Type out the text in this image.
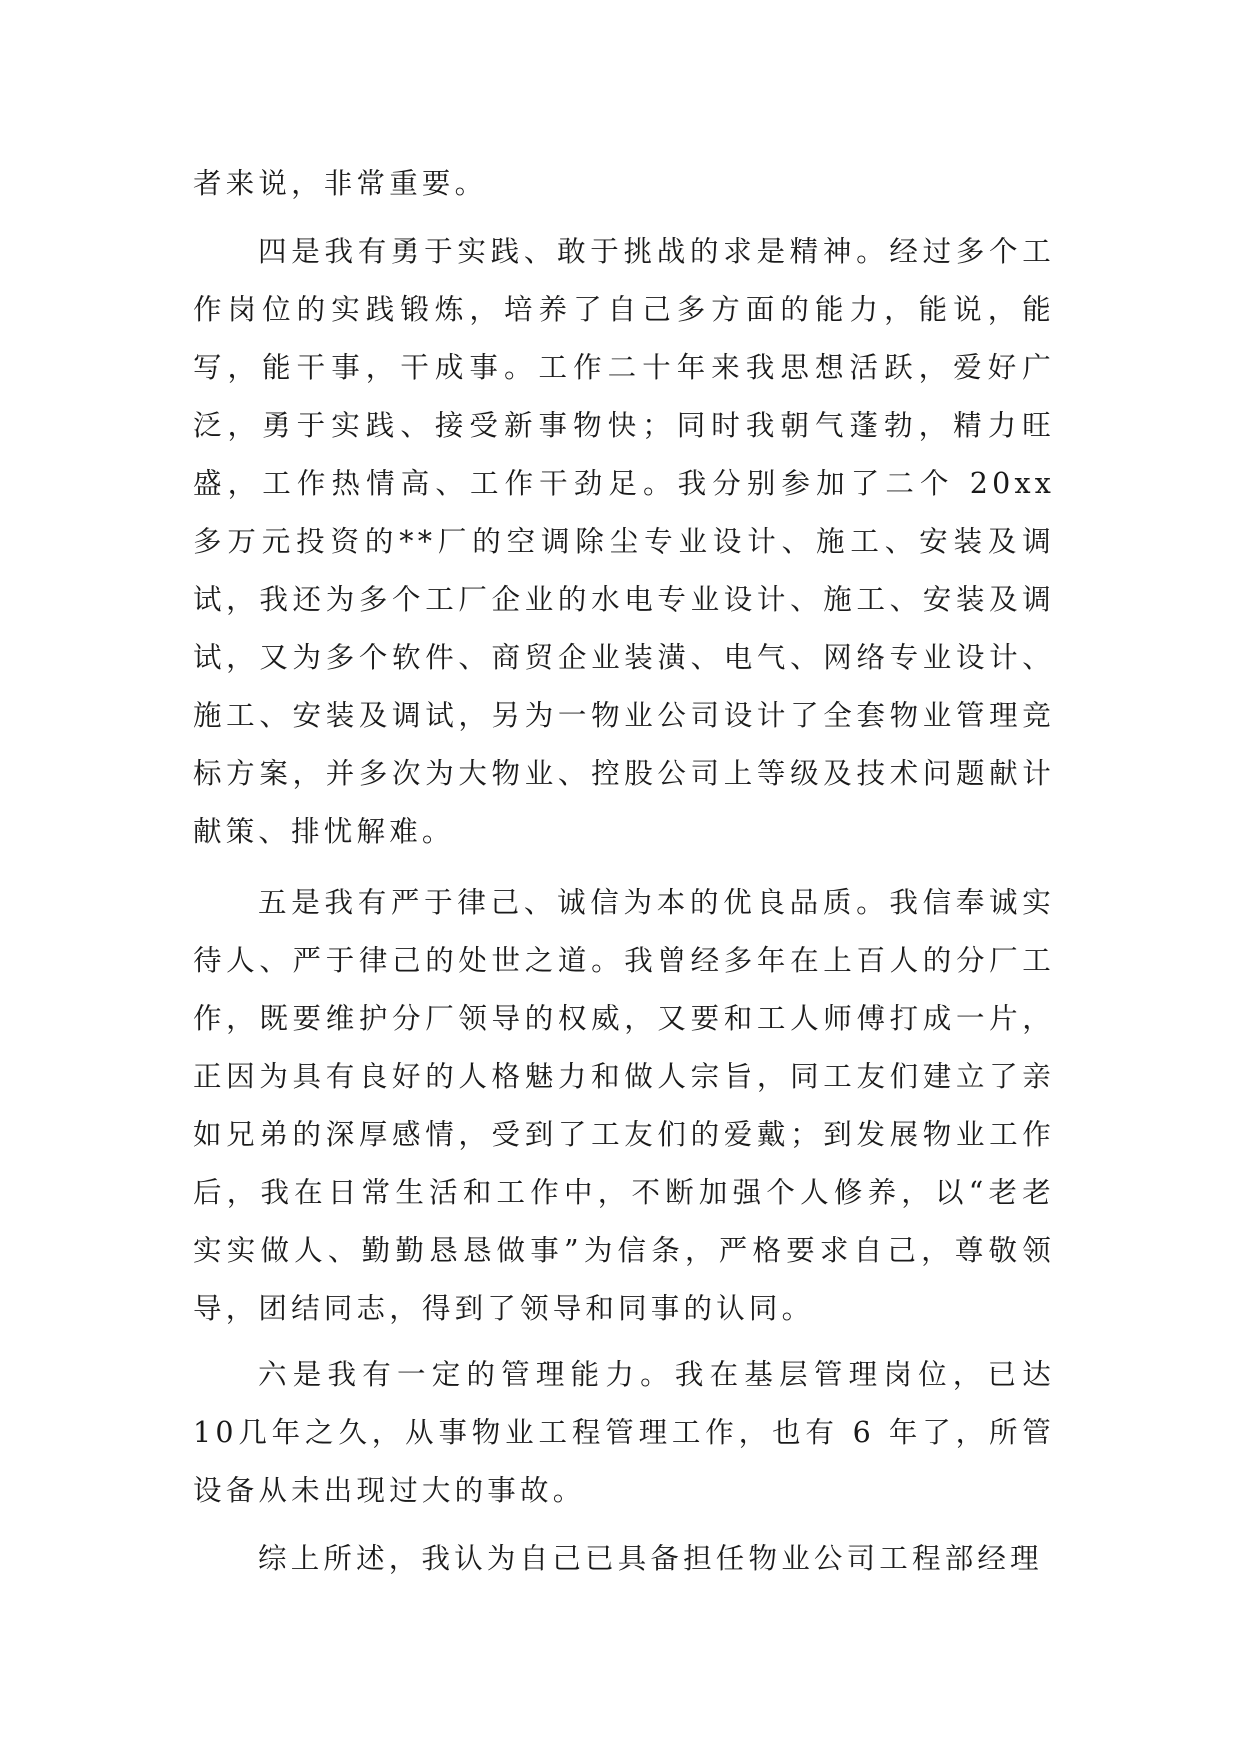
者来说，非常重要。

四是我有勇于实践、敢于挑战的求是精神。经过多个工作岗位的实践锻炼，培养了自己多方面的能力，能说，能写，能干事，干成事。工作二十年来我思想活跃，爱好广泛，勇于实践、接受新事物快；同时我朝气蓬勃，精力旺盛，工作热情高、工作干劲足。我分别参加了二个 20xx 多万元投资的**厂的空调除尘专业设计、施工、安装及调试，我还为多个工厂企业的水电专业设计、施工、安装及调试，又为多个软件、商贸企业装潢、电气、网络专业设计、施工、安装及调试，另为一物业公司设计了全套物业管理竞标方案，并多次为大物业、控股公司上等级及技术问题献计献策、排忧解难。

五是我有严于律己、诚信为本的优良品质。我信奉诚实待人、严于律己的处世之道。我曾经多年在上百人的分厂工作，既要维护分厂领导的权威，又要和工人师傅打成一片，正因为具有良好的人格魅力和做人宗旨，同工友们建立了亲如兄弟的深厚感情，受到了工友们的爱戴；到发展物业工作后，我在日常生活和工作中，不断加强个人修养，以“老老实实做人、勤勤恳恳做事”为信条，严格要求自己，尊敬领导，团结同志，得到了领导和同事的认同。

六是我有一定的管理能力。我在基层管理岗位，已达 10几年之久，从事物业工程管理工作，也有 6 年了，所管设备从未出现过大的事故。

综上所述，我认为自己已具备担任物业公司工程部经理
